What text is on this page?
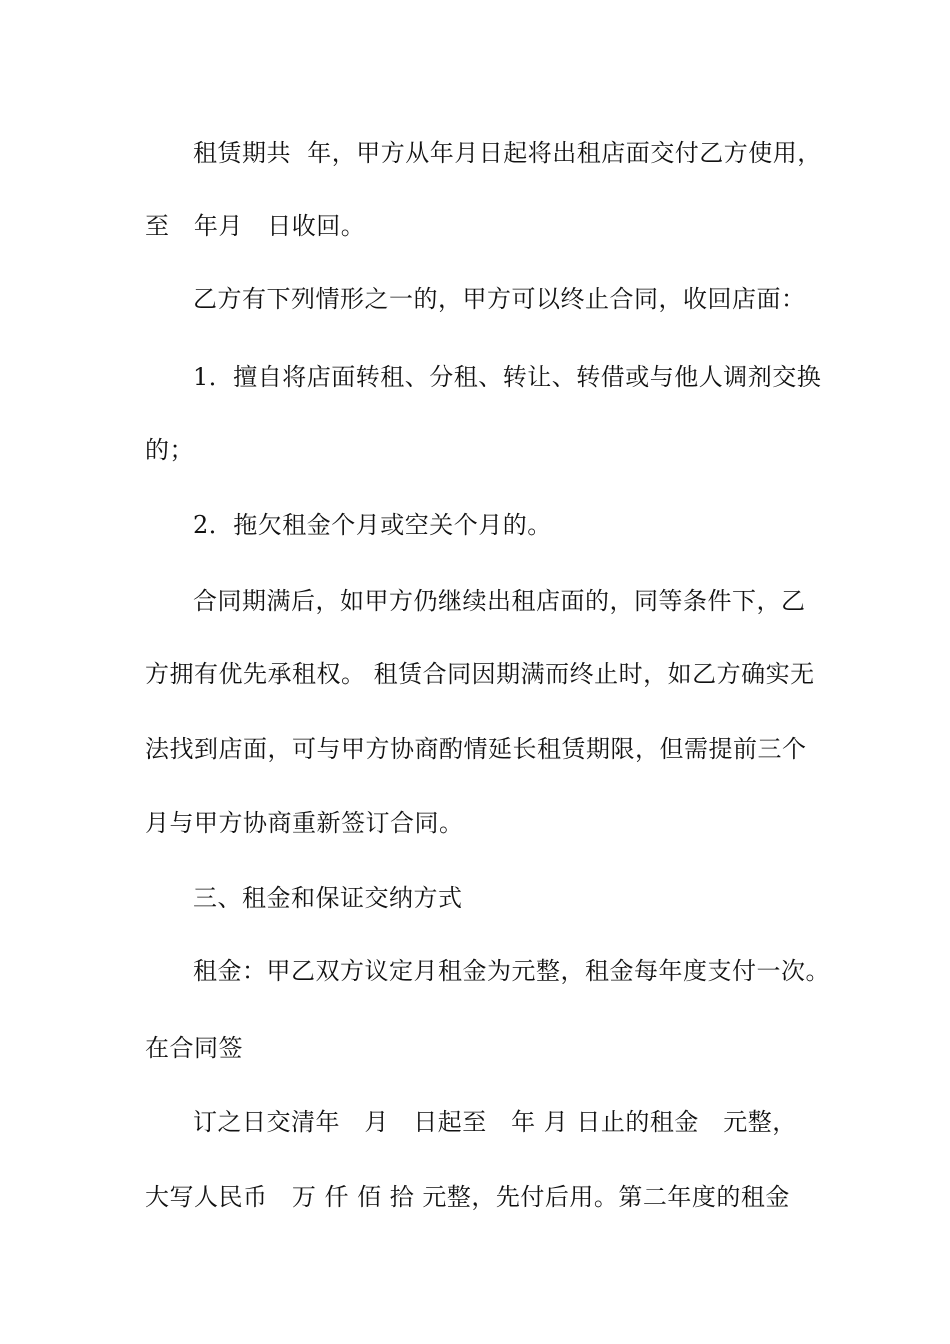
租赁期共  年，甲方从年月日起将出租店面交付乙方使用，
至   年月   日收回。
乙方有下列情形之一的，甲方可以终止合同，收回店面：
1．擅自将店面转租、分租、转让、转借或与他人调剂交换
的；
2．拖欠租金个月或空关个月的。
合同期满后，如甲方仍继续出租店面的，同等条件下，乙
方拥有优先承租权。 租赁合同因期满而终止时，如乙方确实无
法找到店面，可与甲方协商酌情延长租赁期限，但需提前三个
月与甲方协商重新签订合同。
三、租金和保证交纳方式
租金：甲乙双方议定月租金为元整，租金每年度支付一次。
在合同签
订之日交清年   月   日起至   年 月 日止的租金   元整，
大写人民币   万 仟 佰 拾 元整，先付后用。第二年度的租金
